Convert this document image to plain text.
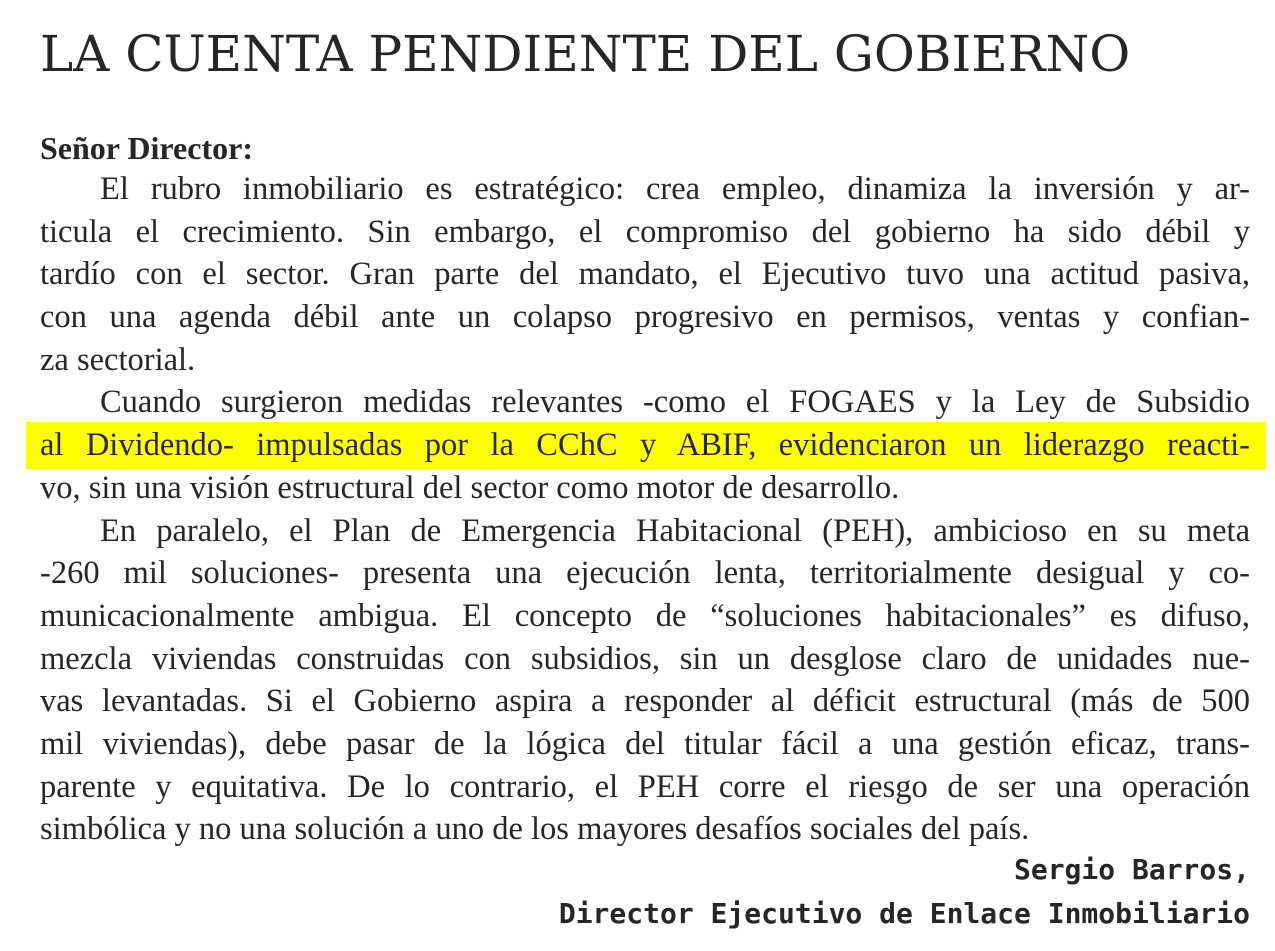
LA CUENTA PENDIENTE DEL GOBIERNO
Señor Director:
El rubro inmobiliario es estratégico: crea empleo, dinamiza la inversión y ar-
ticula el crecimiento. Sin embargo, el compromiso del gobierno ha sido débil y
tardío con el sector. Gran parte del mandato, el Ejecutivo tuvo una actitud pasiva,
con una agenda débil ante un colapso progresivo en permisos, ventas y confian-
za sectorial.
Cuando surgieron medidas relevantes -como el FOGAES y la Ley de Subsidio
al Dividendo- impulsadas por la CChC y ABIF, evidenciaron un liderazgo reacti-
vo, sin una visión estructural del sector como motor de desarrollo.
En paralelo, el Plan de Emergencia Habitacional (PEH), ambicioso en su meta
-260 mil soluciones- presenta una ejecución lenta, territorialmente desigual y co-
municacionalmente ambigua. El concepto de “soluciones habitacionales” es difuso,
mezcla viviendas construidas con subsidios, sin un desglose claro de unidades nue-
vas levantadas. Si el Gobierno aspira a responder al déficit estructural (más de 500
mil viviendas), debe pasar de la lógica del titular fácil a una gestión eficaz, trans-
parente y equitativa. De lo contrario, el PEH corre el riesgo de ser una operación
simbólica y no una solución a uno de los mayores desafíos sociales del país.
Sergio Barros,
Director Ejecutivo de Enlace Inmobiliario
